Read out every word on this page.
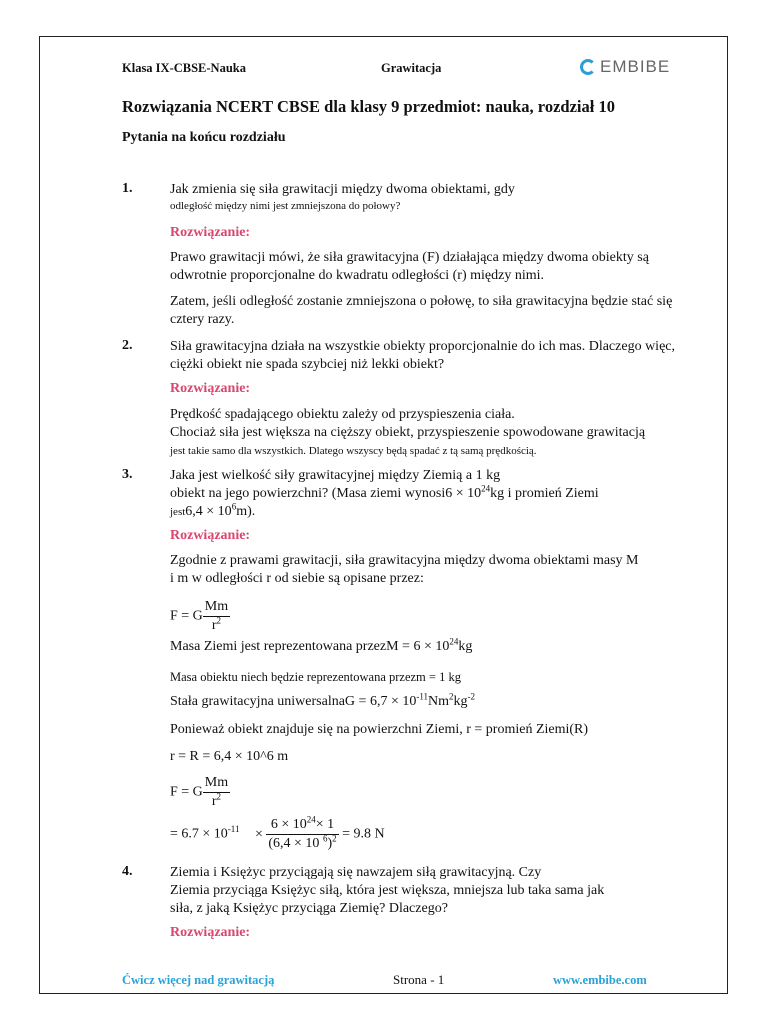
Klasa IX-CBSE-Nauka	Grawitacja	EMBIBE
Rozwiązania NCERT CBSE dla klasy 9 przedmiot: nauka, rozdział 10
Pytania na końcu rozdziału
1.	Jak zmienia się siła grawitacji między dwoma obiektami, gdy
odległość między nimi jest zmniejszona do połowy?
Rozwiązanie:
Prawo grawitacji mówi, że siła grawitacyjna (F) działająca między dwoma obiekty są odwrotnie proporcjonalne do kwadratu odległości (r) między nimi.
Zatem, jeśli odległość zostanie zmniejszona o połowę, to siła grawitacyjna będzie stać się cztery razy.
2.	Siła grawitacyjna działa na wszystkie obiekty proporcjonalnie do ich mas. Dlaczego więc, ciężki obiekt nie spada szybciej niż lekki obiekt?
Rozwiązanie:
Prędkość spadającego obiektu zależy od przyspieszenia ciała.
Chociaż siła jest większa na cięższy obiekt, przyspieszenie spowodowane grawitacją
jest takie samo dla wszystkich. Dlatego wszyscy będą spadać z tą samą prędkością.
3.	Jaka jest wielkość siły grawitacyjnej między Ziemią a 1 kg
obiekt na jego powierzchni? (Masa ziemi wynosi6 × $10^{24}kg$ i promień Ziemi
jest6,4 × $10^6m$).
Rozwiązanie:
Zgodnie z prawami grawitacji, siła grawitacyjna między dwoma obiektami masy M i m w odległości r od siebie są opisane przez:
F = G $\frac{Mm}{r^2}$
Masa Ziemi jest reprezentowana przezM = $6 \times 10^{24}kg$
Masa obiektu niech będzie reprezentowana przezm = 1 kg
Stała grawitacyjna uniwersalnaG = $6,7 \times 10^{-11}Nm^2kg^{-2}$
Ponieważ obiekt znajduje się na powierzchni Ziemi, r = promień Ziemi(R)
r = R = 6,4 × 10^6 m
F = G $\frac{Mm}{r^2}$
= $6.7 \times 10^{-11} \times \frac{6 \times 10^{24}\times 1}{(6,4 \times 10 ^6)^2} = 9.8$ N
4.	Ziemia i Księżyc przyciągają się nawzajem siłą grawitacyjną. Czy
Ziemia przyciąga Księżyc siłą, która jest większa, mniejsza lub taka sama jak
siła, z jaką Księżyc przyciąga Ziemię? Dlaczego?
Rozwiązanie:
Ćwicz więcej nad grawitacją	Strona - 1	www.embibe.com
